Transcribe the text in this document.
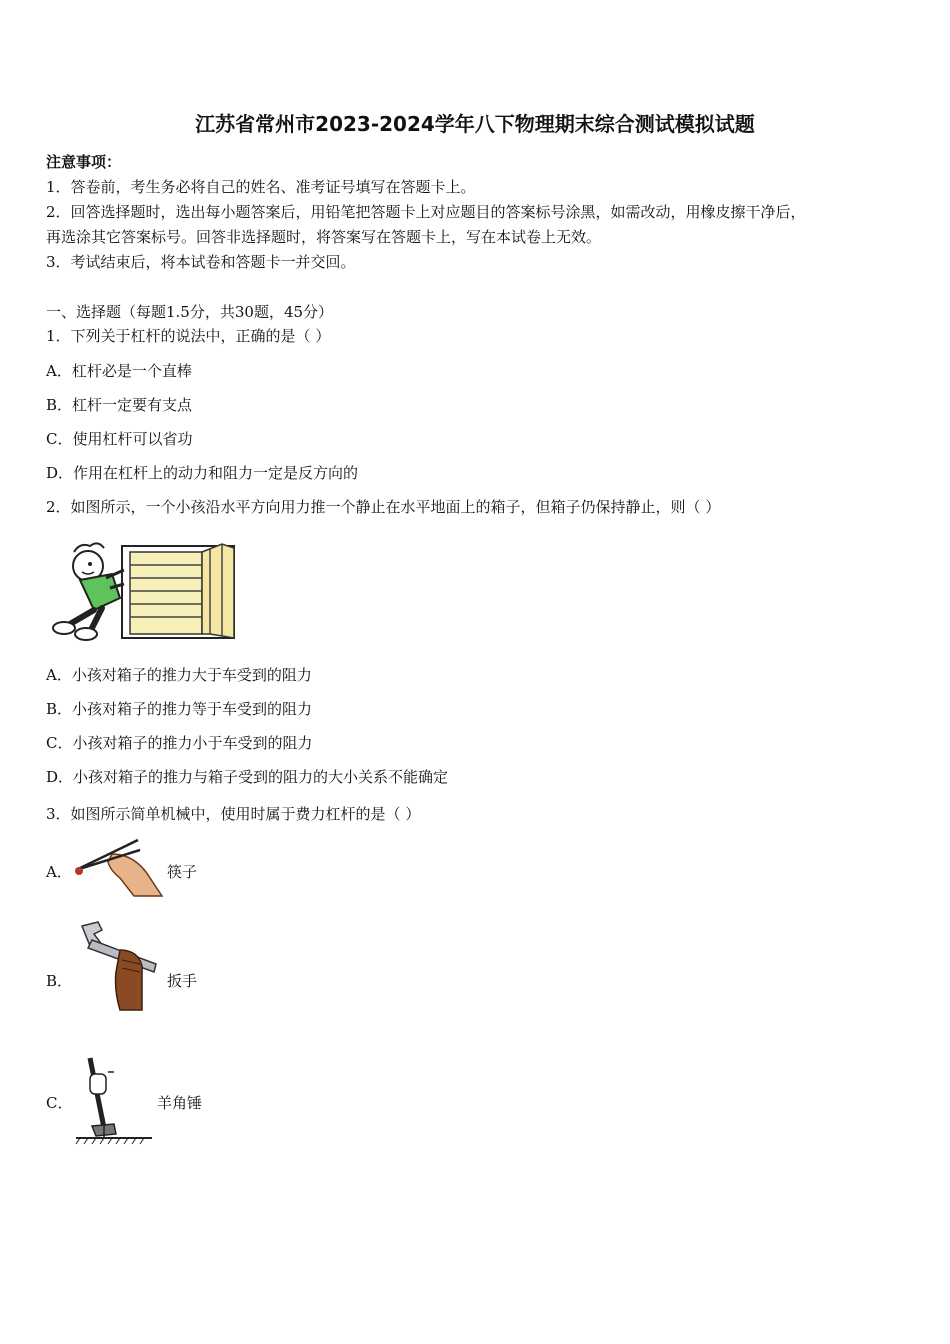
江苏省常州市2023-2024学年八下物理期末综合测试模拟试题
注意事项：
1．答卷前，考生务必将自己的姓名、准考证号填写在答题卡上。
2．回答选择题时，选出每小题答案后，用铅笔把答题卡上对应题目的答案标号涂黑，如需改动，用橡皮擦干净后，
再选涂其它答案标号。回答非选择题时，将答案写在答题卡上，写在本试卷上无效。
3．考试结束后，将本试卷和答题卡一并交回。
一、选择题（每题1.5分，共30题，45分）
1．下列关于杠杆的说法中，正确的是（ ）
A．杠杆必是一个直棒
B．杠杆一定要有支点
C．使用杠杆可以省功
D．作用在杠杆上的动力和阻力一定是反方向的
2．如图所示，一个小孩沿水平方向用力推一个静止在水平地面上的箱子，但箱子仍保持静止，则（ ）
A．小孩对箱子的推力大于车受到的阻力
B．小孩对箱子的推力等于车受到的阻力
C．小孩对箱子的推力小于车受到的阻力
D．小孩对箱子的推力与箱子受到的阻力的大小关系不能确定
3．如图所示简单机械中，使用时属于费力杠杆的是（ ）
A．	筷子
B．	扳手
C．	羊角锤
